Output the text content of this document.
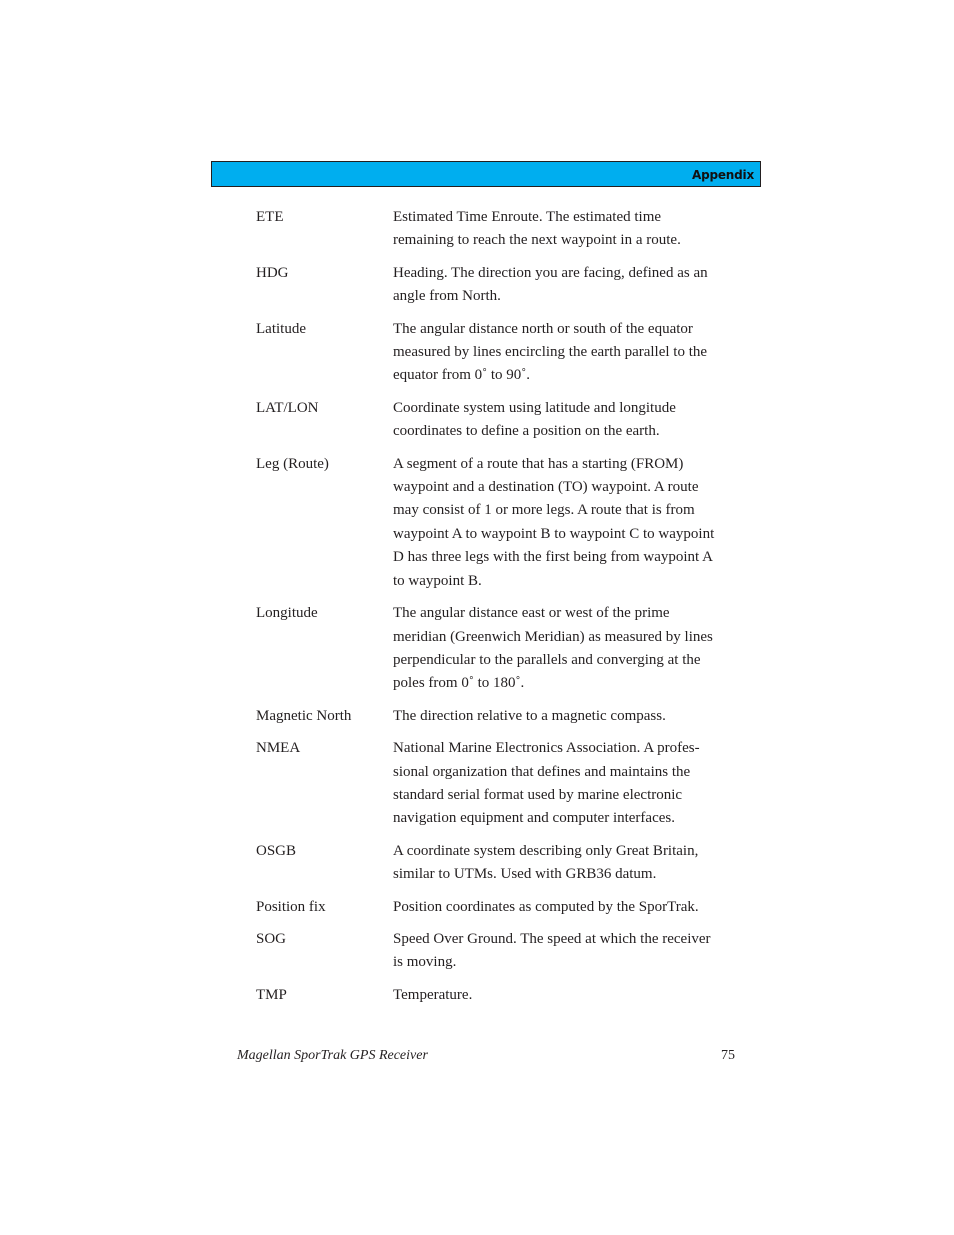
Appendix
ETE	Estimated Time Enroute. The estimated time
remaining to reach the next waypoint in a route.
HDG	Heading. The direction you are facing, defined as an
angle from North.
Latitude	The angular distance north or south of the equator
measured by lines encircling the earth parallel to the
equator from 0˚ to 90˚.
LAT/LON	Coordinate system using latitude and longitude
coordinates to define a position on the earth.
Leg (Route)	A segment of a route that has a starting (FROM)
waypoint and a destination (TO) waypoint. A route
may consist of 1 or more legs. A route that is from
waypoint A to waypoint B to waypoint C to waypoint
D has three legs with the first being from waypoint A
to waypoint B.
Longitude	The angular distance east or west of the prime
meridian (Greenwich Meridian) as measured by lines
perpendicular to the parallels and converging at the
poles from 0˚ to 180˚.
Magnetic North	The direction relative to a magnetic compass.
NMEA	National Marine Electronics Association. A profes-
sional organization that defines and maintains the
standard serial format used by marine electronic
navigation equipment and computer interfaces.
OSGB	A coordinate system describing only Great Britain,
similar to UTMs. Used with GRB36 datum.
Position fix	Position coordinates as computed by the SporTrak.
SOG	Speed Over Ground. The speed at which the receiver
is moving.
TMP	Temperature.
Magellan SporTrak GPS Receiver	75
